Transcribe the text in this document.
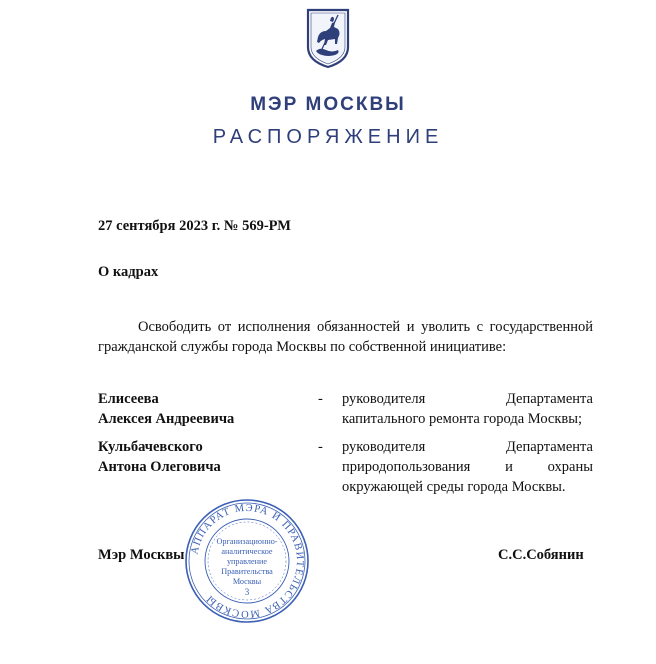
МЭР МОСКВЫ
РАСПОРЯЖЕНИЕ
27 сентября 2023 г. № 569-РМ
О кадрах
Освободить от исполнения обязанностей и уволить с государственной гражданской службы города Москвы по собственной инициативе:
Елисеева
Алексея Андреевича
- руководителя Департамента
капитального ремонта города Москвы;
Кульбачевского
Антона Олеговича
- руководителя Департамента
природопользования и охраны
окружающей среды города Москвы.
Мэр Москвы	С.С.Собянин
АППАРАТ МЭРА И ПРАВИТЕЛЬСТВА МОСКВЫ
Организационно-
аналитическое
управление
Правительства
Москвы
3
